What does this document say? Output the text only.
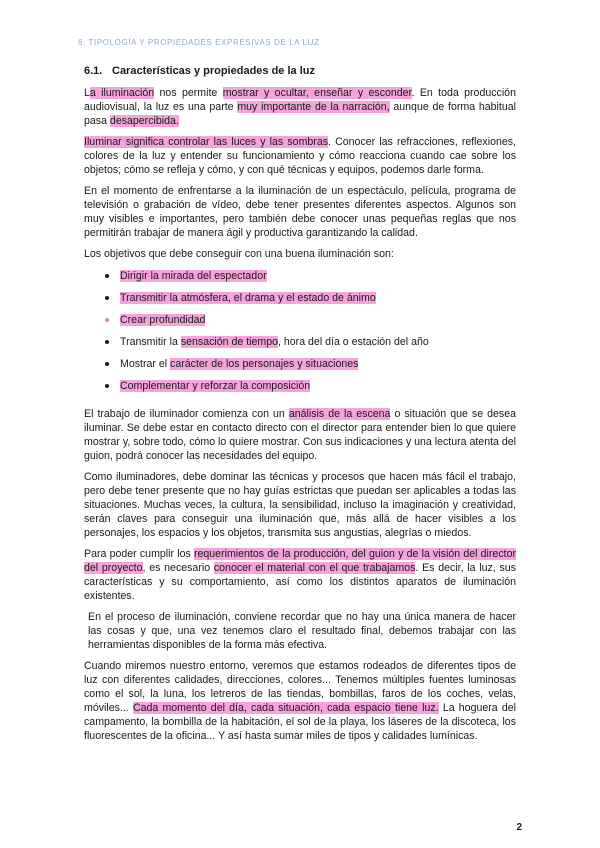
6. TIPOLOGÍA Y PROPIEDADES EXPRESIVAS DE LA LUZ
6.1. Características y propiedades de la luz

La iluminación nos permite mostrar y ocultar, enseñar y esconder. En toda producción audiovisual, la luz es una parte muy importante de la narración, aunque de forma habitual pasa desapercibida.

Iluminar significa controlar las luces y las sombras. Conocer las refracciones, reflexiones, colores de la luz y entender su funcionamiento y cómo reacciona cuando cae sobre los objetos; cómo se refleja y cómo, y con qué técnicas y equipos, podemos darle forma.

En el momento de enfrentarse a la iluminación de un espectáculo, película, programa de televisión o grabación de vídeo, debe tener presentes diferentes aspectos. Algunos son muy visibles e importantes, pero también debe conocer unas pequeñas reglas que nos permitirán trabajar de manera ágil y productiva garantizando la calidad.

Los objetivos que debe conseguir con una buena iluminación son:

Dirigir la mirada del espectador
Transmitir la atmósfera, el drama y el estado de ánimo
Crear profundidad
Transmitir la sensación de tiempo, hora del día o estación del año
Mostrar el carácter de los personajes y situaciones
Complementar y reforzar la composición

El trabajo de iluminador comienza con un análisis de la escena o situación que se desea iluminar. Se debe estar en contacto directo con el director para entender bien lo que quiere mostrar y, sobre todo, cómo lo quiere mostrar. Con sus indicaciones y una lectura atenta del guion, podrá conocer las necesidades del equipo.

Como iluminadores, debe dominar las técnicas y procesos que hacen más fácil el trabajo, pero debe tener presente que no hay guías estrictas que puedan ser aplicables a todas las situaciones. Muchas veces, la cultura, la sensibilidad, incluso la imaginación y creatividad, serán claves para conseguir una iluminación que, más allá de hacer visibles a los personajes, los espacios y los objetos, transmita sus angustias, alegrías o miedos.

Para poder cumplir los requerimientos de la producción, del guion y de la visión del director del proyecto, es necesario conocer el material con el que trabajamos. Es decir, la luz, sus características y su comportamiento, así como los distintos aparatos de iluminación existentes.

En el proceso de iluminación, conviene recordar que no hay una única manera de hacer las cosas y que, una vez tenemos claro el resultado final, debemos trabajar con las herramientas disponibles de la forma más efectiva.

Cuando miremos nuestro entorno, veremos que estamos rodeados de diferentes tipos de luz con diferentes calidades, direcciones, colores... Tenemos múltiples fuentes luminosas como el sol, la luna, los letreros de las tiendas, bombillas, faros de los coches, velas, móviles... Cada momento del día, cada situación, cada espacio tiene luz. La hoguera del campamento, la bombilla de la habitación, el sol de la playa, los láseres de la discoteca, los fluorescentes de la oficina... Y así hasta sumar miles de tipos y calidades lumínicas.

2
